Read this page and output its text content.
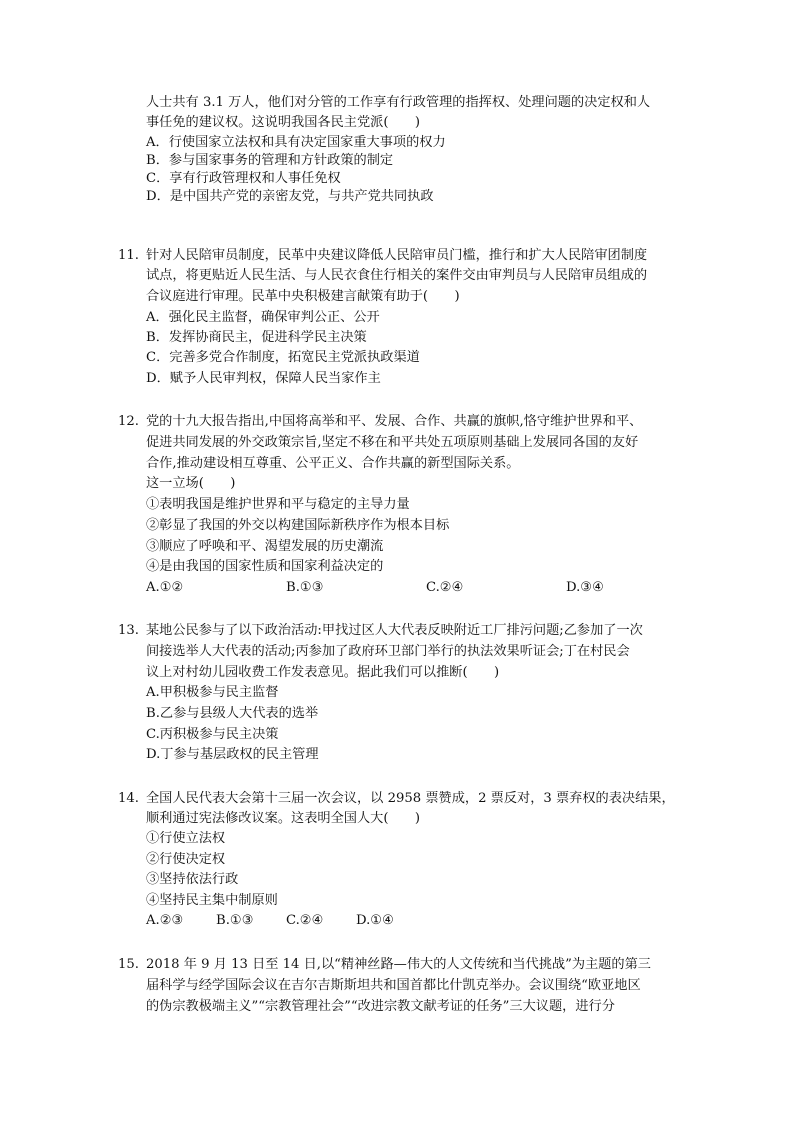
人士共有 3.1 万人，他们对分管的工作享有行政管理的指挥权、处理问题的决定权和人
事任免的建议权。这说明我国各民主党派(　　)
A．行使国家立法权和具有决定国家重大事项的权力
B．参与国家事务的管理和方针政策的制定
C．享有行政管理权和人事任免权
D．是中国共产党的亲密友党，与共产党共同执政
11. 针对人民陪审员制度，民革中央建议降低人民陪审员门槛，推行和扩大人民陪审团制度
试点，将更贴近人民生活、与人民衣食住行相关的案件交由审判员与人民陪审员组成的
合议庭进行审理。民革中央积极建言献策有助于(　　)
A．强化民主监督，确保审判公正、公开
B．发挥协商民主，促进科学民主决策
C．完善多党合作制度，拓宽民主党派执政渠道
D．赋予人民审判权，保障人民当家作主
12. 党的十九大报告指出,中国将高举和平、发展、合作、共赢的旗帜,恪守维护世界和平、
促进共同发展的外交政策宗旨,坚定不移在和平共处五项原则基础上发展同各国的友好
合作,推动建设相互尊重、公平正义、合作共赢的新型国际关系。
这一立场(　　)
①表明我国是维护世界和平与稳定的主导力量
②彰显了我国的外交以构建国际新秩序作为根本目标
③顺应了呼唤和平、渴望发展的历史潮流
④是由我国的国家性质和国家利益决定的
A.①②	B.①③	C.②④	D.③④
13. 某地公民参与了以下政治活动:甲找过区人大代表反映附近工厂排污问题;乙参加了一次
间接选举人大代表的活动;丙参加了政府环卫部门举行的执法效果听证会;丁在村民会
议上对村幼儿园收费工作发表意见。据此我们可以推断(　　)
A.甲积极参与民主监督
B.乙参与县级人大代表的选举
C.丙积极参与民主决策
D.丁参与基层政权的民主管理
14. 全国人民代表大会第十三届一次会议，以 2958 票赞成，2 票反对，3 票弃权的表决结果，
顺利通过宪法修改议案。这表明全国人大(　　)
①行使立法权
②行使决定权
③坚持依法行政
④坚持民主集中制原则
A.②③ B.①③ C.②④ D.①④
15. 2018 年 9 月 13 日至 14 日,以“精神丝路—伟大的人文传统和当代挑战”为主题的第三
届科学与经学国际会议在吉尔吉斯斯坦共和国首都比什凯克举办。会议围绕“欧亚地区
的伪宗教极端主义”“宗教管理社会”“改进宗教文献考证的任务”三大议题，进行分
